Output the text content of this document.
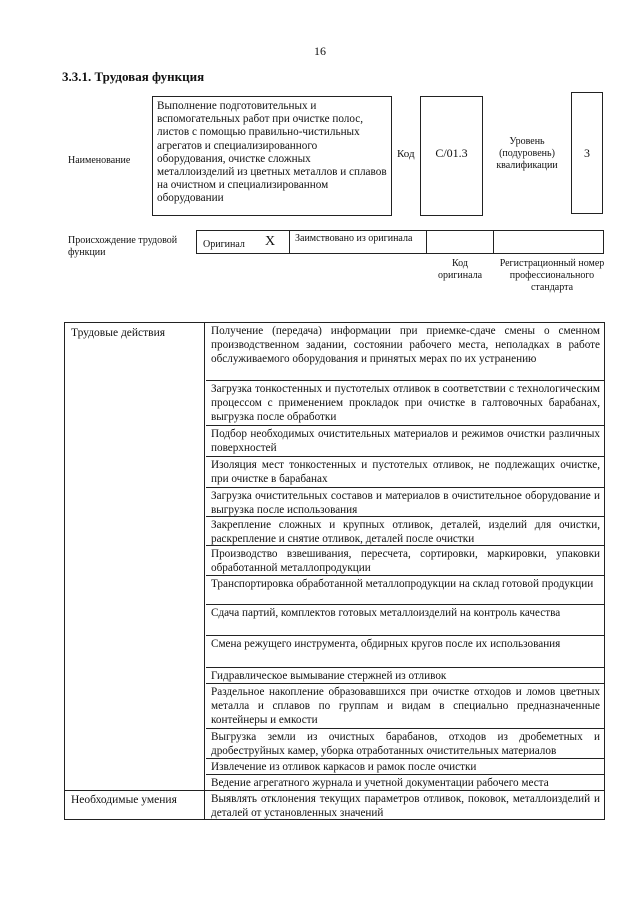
16
3.3.1. Трудовая функция
Наименование
Выполнение подготовительных и вспомогательных работ при очистке полос, листов с помощью правильно-чистильных агрегатов и специализированного оборудования, очистке сложных металлоизделий из цветных металлов и сплавов на очистном и специализированном оборудовании
Код	C/01.3
Уровень (подуровень) квалификации
3
Происхождение трудовой функции
Оригинал X Заимствовано из оригинала
Код оригинала
Регистрационный номер профессионального стандарта
Трудовые действия
Необходимые умения
Получение (передача) информации при приемке-сдаче смены о сменном производственном задании, состоянии рабочего места, неполадках в работе обслуживаемого оборудования и принятых мерах по их устранению
Загрузка тонкостенных и пустотелых отливок в соответствии с технологическим процессом с применением прокладок при очистке в галтовочных барабанах, выгрузка после обработки
Подбор необходимых очистительных материалов и режимов очистки различных поверхностей
Изоляция мест тонкостенных и пустотелых отливок, не подлежащих очистке, при очистке в барабанах
Загрузка очистительных составов и материалов в очистительное оборудование и выгрузка после использования
Закрепление сложных и крупных отливок, деталей, изделий для очистки, раскрепление и снятие отливок, деталей после очистки
Производство взвешивания, пересчета, сортировки, маркировки, упаковки обработанной металлопродукции
Транспортировка обработанной металлопродукции на склад готовой продукции
Сдача партий, комплектов готовых металлоизделий на контроль качества
Смена режущего инструмента, обдирных кругов после их использования
Гидравлическое вымывание стержней из отливок
Раздельное накопление образовавшихся при очистке отходов и ломов цветных металла и сплавов по группам и видам в специально предназначенные контейнеры и емкости
Выгрузка земли из очистных барабанов, отходов из дробеметных и дробеструйных камер, уборка отработанных очистительных материалов
Извлечение из отливок каркасов и рамок после очистки
Ведение агрегатного журнала и учетной документации рабочего места
Выявлять отклонения текущих параметров отливок, поковок, металлоизделий и деталей от установленных значений
